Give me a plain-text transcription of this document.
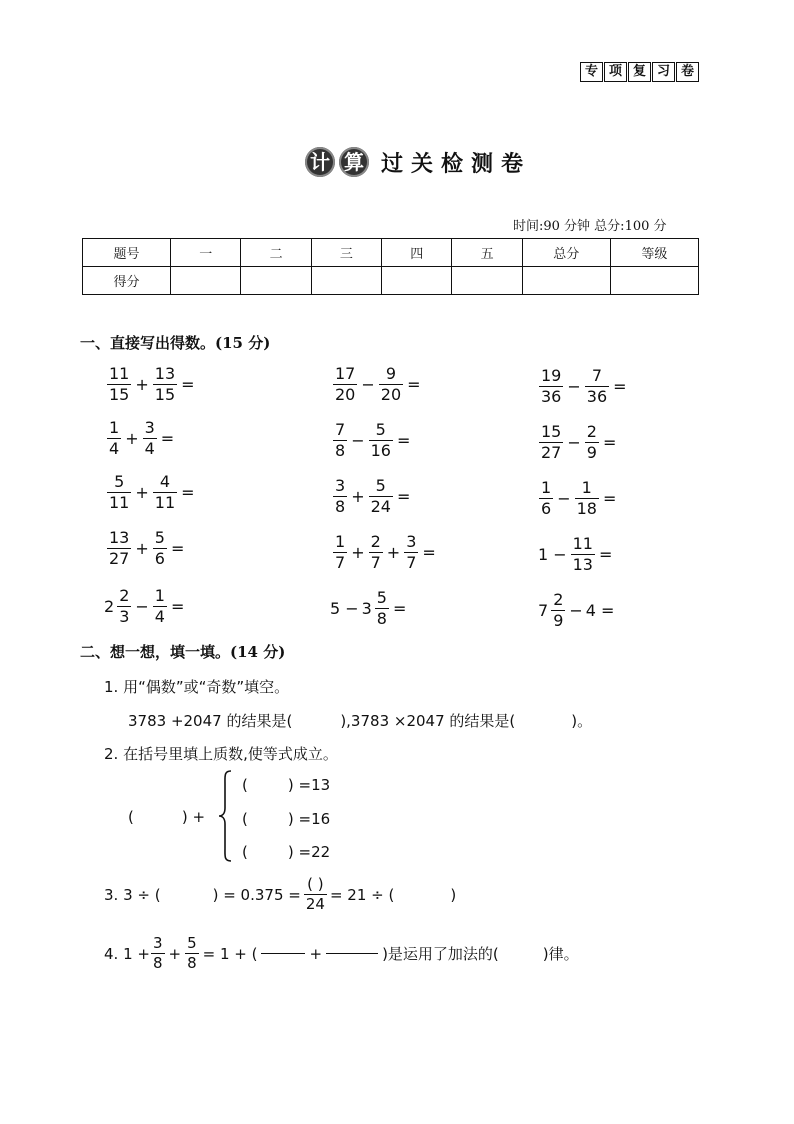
专 项 复 习 卷
计 算 过关检测卷
时间:90 分钟 总分:100 分
题号	一	二	三	四	五	总分	等级
得分							
一、直接写出得数。(15 分)
$\frac{11}{15} + \frac{13}{15}$ =	$\frac{17}{20} - \frac{9}{20}$ =	$\frac{19}{36} - \frac{7}{36}$ =
$\frac{1}{4} + \frac{3}{4}$ =	$\frac{7}{8} - \frac{5}{16}$ =	$\frac{15}{27} - \frac{2}{9}$ =
$\frac{5}{11} + \frac{4}{11}$ =	$\frac{3}{8} + \frac{5}{24}$ =	$\frac{1}{6} - \frac{1}{18}$ =
$\frac{13}{27} + \frac{5}{6}$ =	$\frac{1}{7} + \frac{2}{7} + \frac{3}{7}$ =	$1 - \frac{11}{13}$ =
$2 \frac{2}{3} - \frac{1}{4}$ =	$5 - 3 \frac{5}{8}$ =	$7 \frac{2}{9} - 4$ =
二、想一想，填一填。(14 分)
1. 用“偶数”或“奇数”填空。
3783 +2047 的结果是(	),3783 ×2047 的结果是(	)。
2. 在括号里填上质数,使等式成立。
(	) +
(	) =13
(	) =16
(	) =22
3. 3 ÷ (	) = $0.375 = \frac{( )}{24} = 21$ ÷ (	)
4. $1 + \frac{3}{8} + \frac{5}{8} = 1$ + (	+	)是运用了加法的(	)律。
